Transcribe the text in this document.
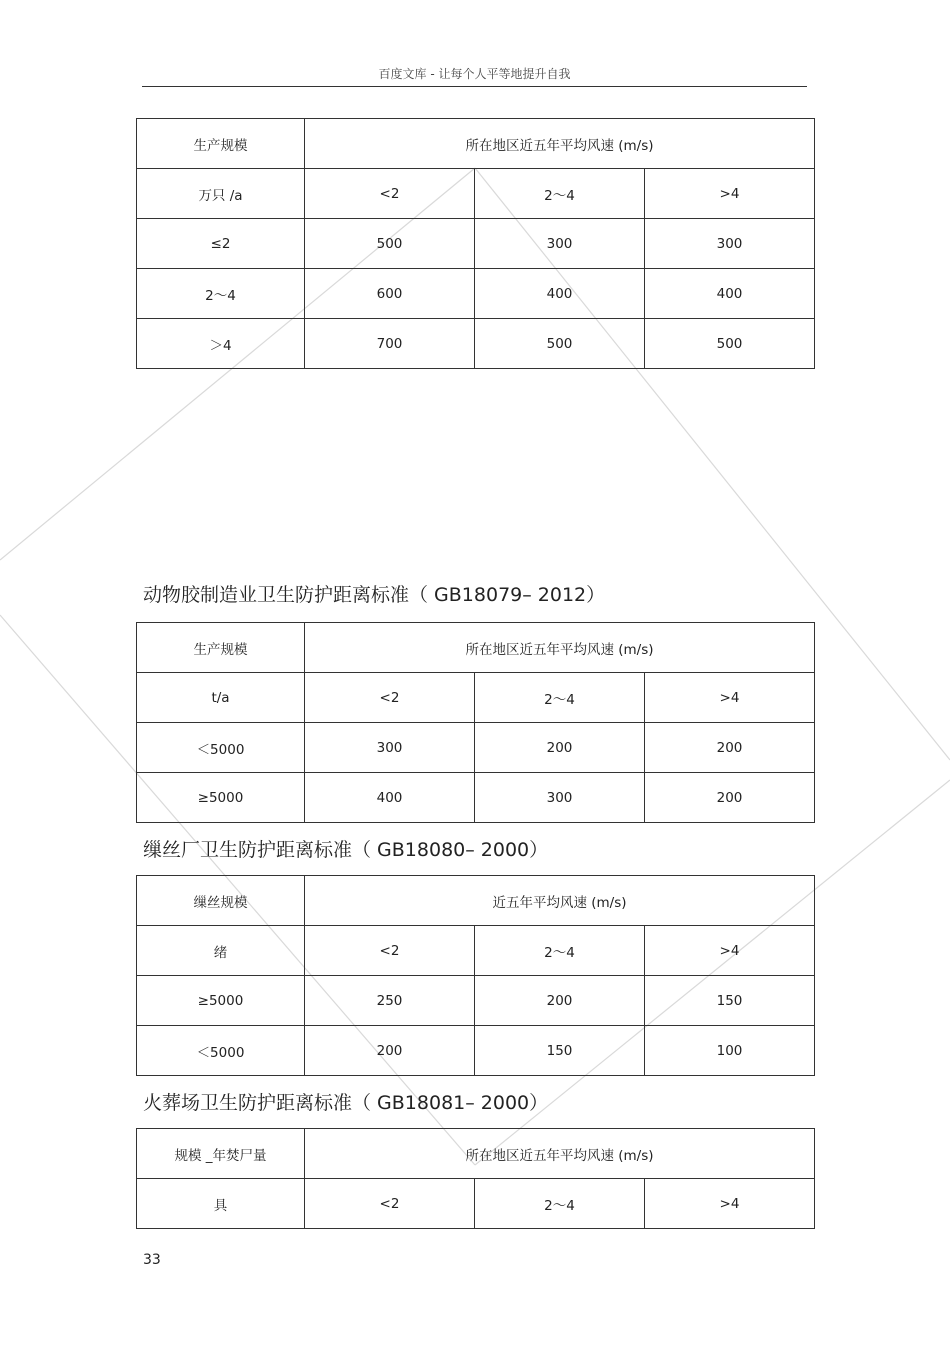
百度文库 - 让每个人平等地提升自我
生产规模	所在地区近五年平均风速 (m/s)		
万只 /a	<2	2～4	>4
≤2	500	300	300
2～4	600	400	400
＞4	700	500	500
动物胶制造业卫生防护距离标准（ GB18079– 2012）
生产规模	所在地区近五年平均风速 (m/s)		
t/a	<2	2～4	>4
＜5000	300	200	200
≥5000	400	300	200
缫丝厂卫生防护距离标准（ GB18080– 2000）
缫丝规模	近五年平均风速 (m/s)		
绪	<2	2～4	>4
≥5000	250	200	150
＜5000	200	150	100
火葬场卫生防护距离标准（ GB18081– 2000）
规模 _年焚尸量	所在地区近五年平均风速 (m/s)		
具	<2	2～4	>4
33
